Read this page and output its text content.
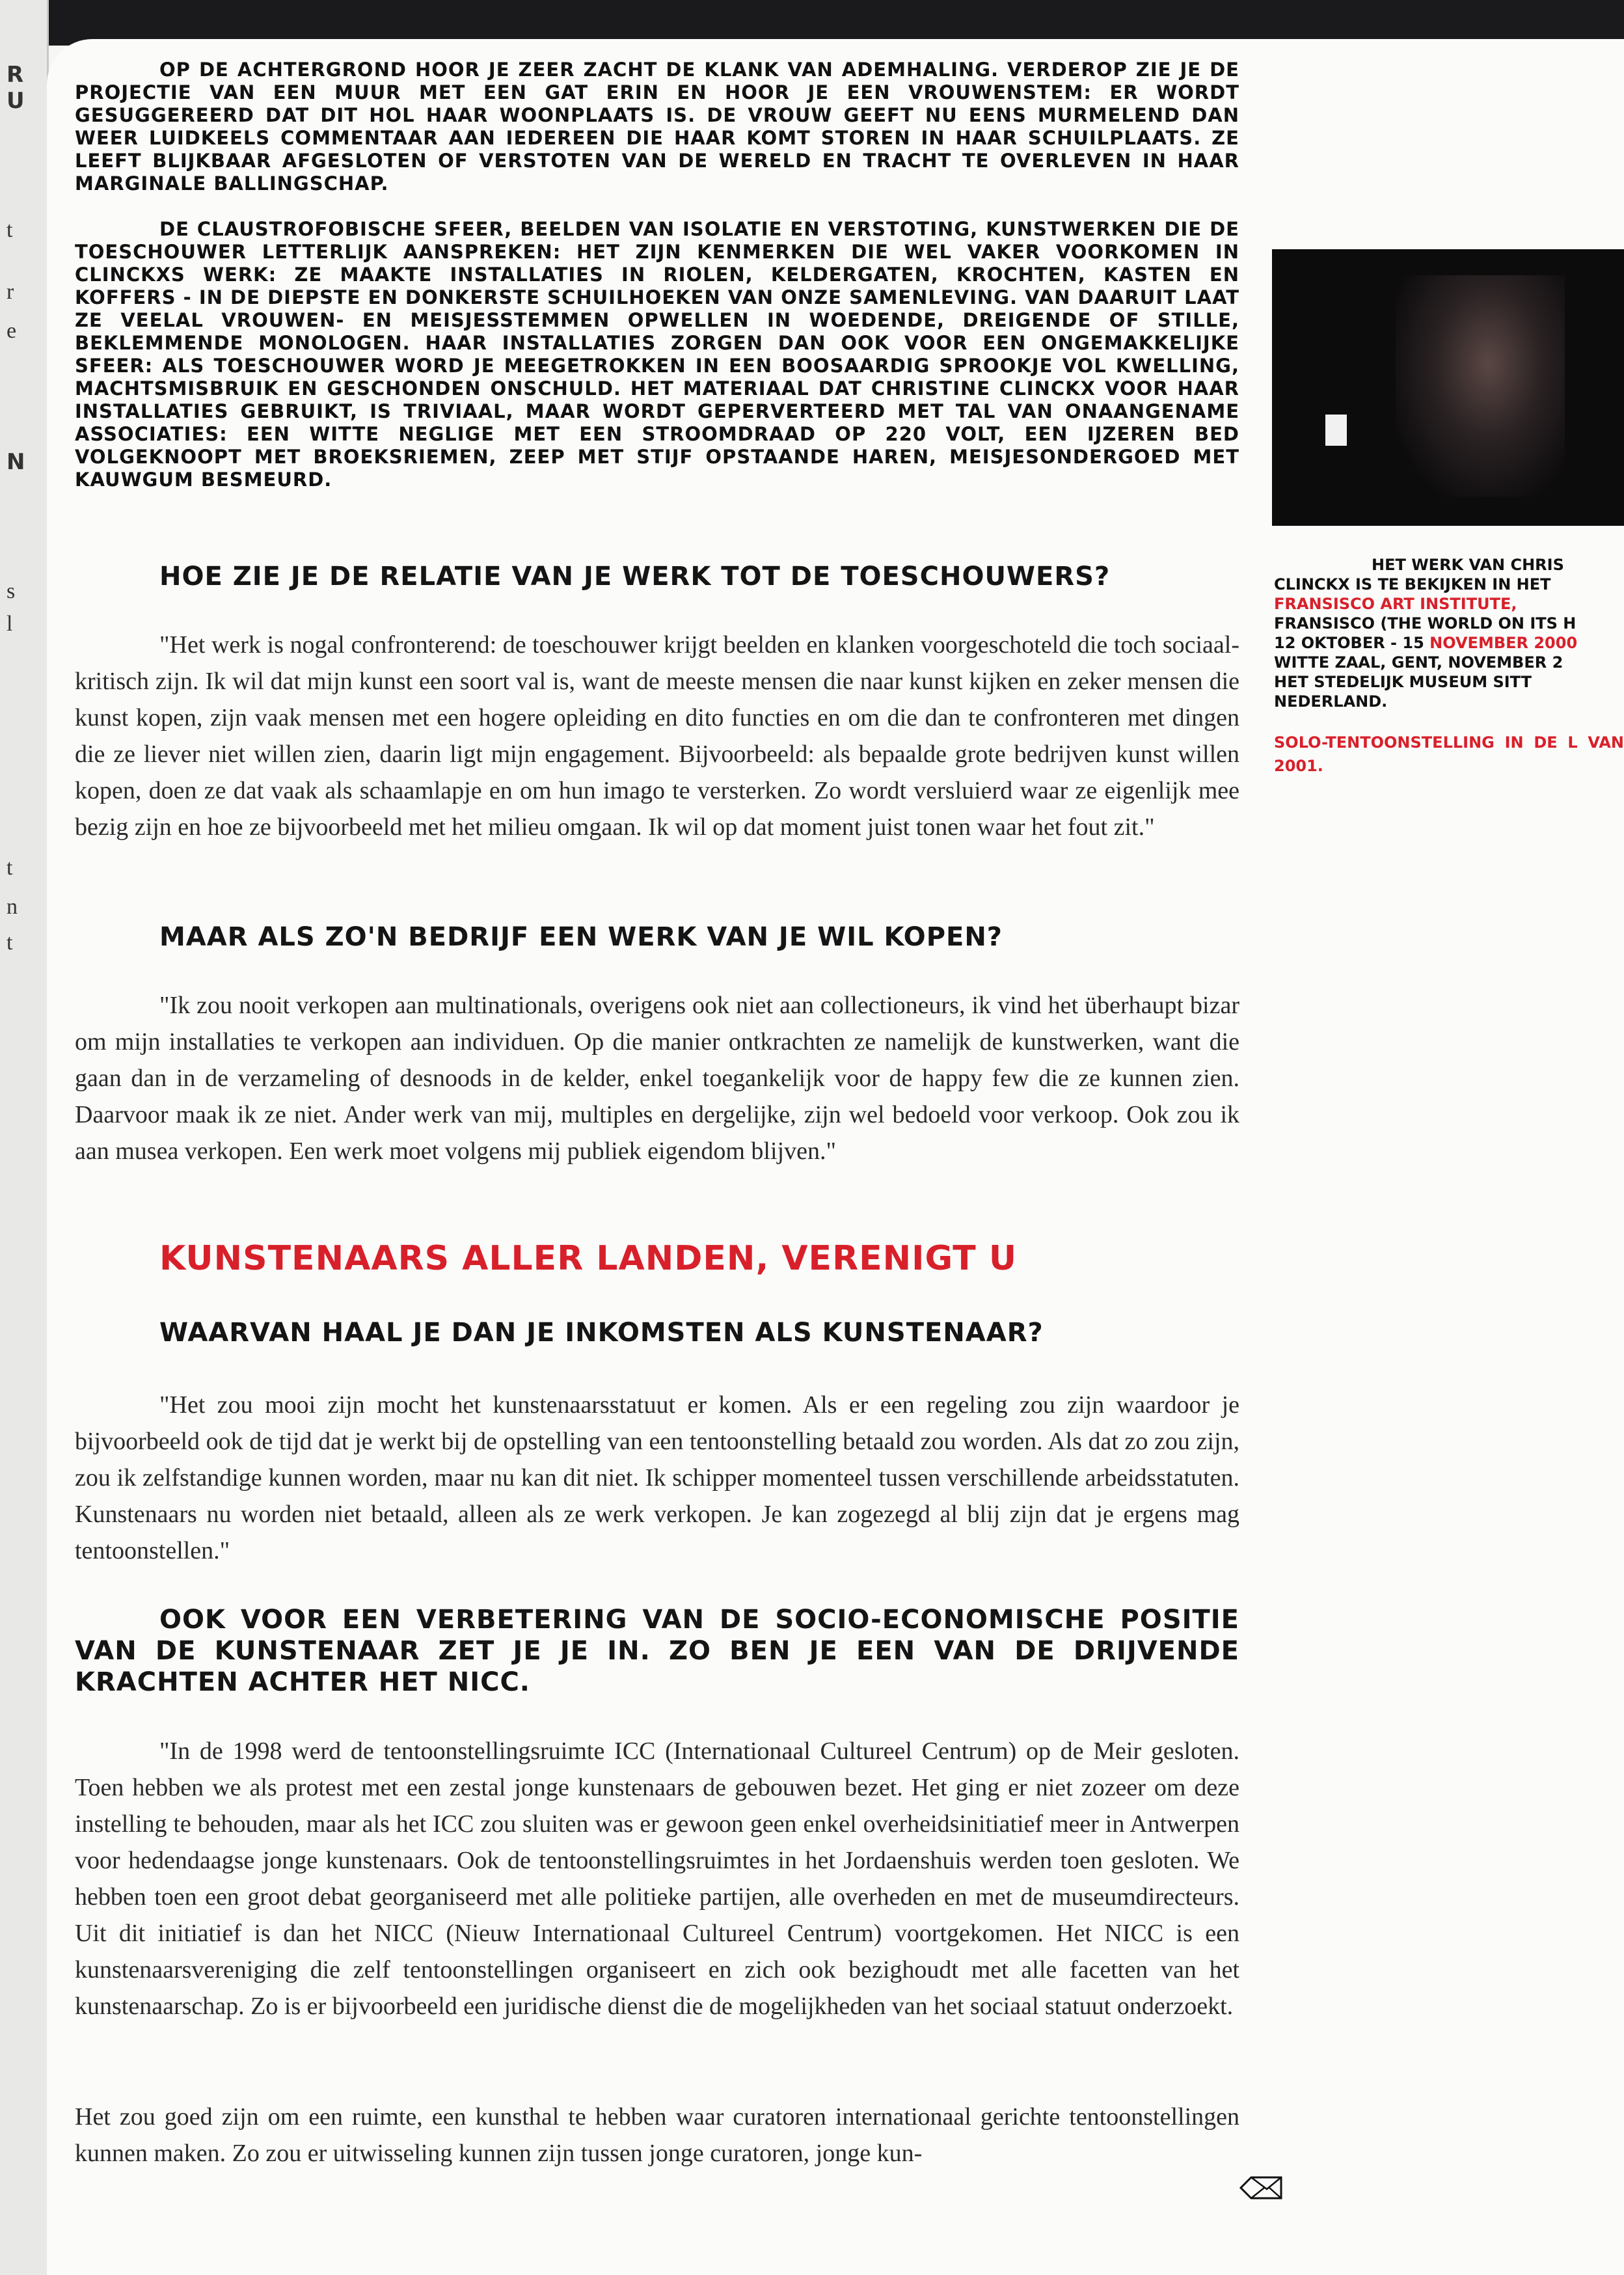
R
U
t
r
e
N
s
l
t
n
t

OP DE ACHTERGROND HOOR JE ZEER ZACHT DE KLANK VAN ADEMHALING. VERDEROP ZIE JE DE PROJECTIE VAN EEN MUUR MET EEN GAT ERIN EN HOOR JE EEN VROUWENSTEM: ER WORDT GESUGGEREERD DAT DIT HOL HAAR WOONPLAATS IS. DE VROUW GEEFT NU EENS MURMELEND DAN WEER LUIDKEELS COMMENTAAR AAN IEDEREEN DIE HAAR KOMT STOREN IN HAAR SCHUILPLAATS. ZE LEEFT BLIJKBAAR AFGESLOTEN OF VERSTOTEN VAN DE WERELD EN TRACHT TE OVERLEVEN IN HAAR MARGINALE BALLINGSCHAP.

DE CLAUSTROFOBISCHE SFEER, BEELDEN VAN ISOLATIE EN VERSTOTING, KUNSTWERKEN DIE DE TOESCHOUWER LETTERLIJK AANSPREKEN: HET ZIJN KENMERKEN DIE WEL VAKER VOORKOMEN IN CLINCKXS WERK: ZE MAAKTE INSTALLATIES IN RIOLEN, KELDERGATEN, KROCHTEN, KASTEN EN KOFFERS - IN DE DIEPSTE EN DONKERSTE SCHUILHOEKEN VAN ONZE SAMENLEVING. VAN DAARUIT LAAT ZE VEELAL VROUWEN- EN MEISJESSTEMMEN OPWELLEN IN WOEDENDE, DREIGENDE OF STILLE, BEKLEMMENDE MONOLOGEN. HAAR INSTALLATIES ZORGEN DAN OOK VOOR EEN ONGEMAKKELIJKE SFEER: ALS TOESCHOUWER WORD JE MEEGETROKKEN IN EEN BOOSAARDIG SPROOKJE VOL KWELLING, MACHTSMISBRUIK EN GESCHONDEN ONSCHULD. HET MATERIAAL DAT CHRISTINE CLINCKX VOOR HAAR INSTALLATIES GEBRUIKT, IS TRIVIAAL, MAAR WORDT GEPERVERTEERD MET TAL VAN ONAANGENAME ASSOCIATIES: EEN WITTE NEGLIGE MET EEN STROOMDRAAD OP 220 VOLT, EEN IJZEREN BED VOLGEKNOOPT MET BROEKSRIEMEN, ZEEP MET STIJF OPSTAANDE HAREN, MEISJESONDERGOED MET KAUWGUM BESMEURD.

HOE ZIE JE DE RELATIE VAN JE WERK TOT DE TOESCHOUWERS?

"Het werk is nogal confronterend: de toeschouwer krijgt beelden en klanken voorgeschoteld die toch sociaal-kritisch zijn. Ik wil dat mijn kunst een soort val is, want de meeste mensen die naar kunst kijken en zeker mensen die kunst kopen, zijn vaak mensen met een hogere opleiding en dito functies en om die dan te confronteren met dingen die ze liever niet willen zien, daarin ligt mijn engagement. Bijvoorbeeld: als bepaalde grote bedrijven kunst willen kopen, doen ze dat vaak als schaamlapje en om hun imago te versterken. Zo wordt versluierd waar ze eigenlijk mee bezig zijn en hoe ze bijvoorbeeld met het milieu omgaan. Ik wil op dat moment juist tonen waar het fout zit."

MAAR ALS ZO'N BEDRIJF EEN WERK VAN JE WIL KOPEN?

"Ik zou nooit verkopen aan multinationals, overigens ook niet aan collectioneurs, ik vind het überhaupt bizar om mijn installaties te verkopen aan individuen. Op die manier ontkrachten ze namelijk de kunstwerken, want die gaan dan in de verzameling of desnoods in de kelder, enkel toegankelijk voor de happy few die ze kunnen zien. Daarvoor maak ik ze niet. Ander werk van mij, multiples en dergelijke, zijn wel bedoeld voor verkoop. Ook zou ik aan musea verkopen. Een werk moet volgens mij publiek eigendom blijven."

KUNSTENAARS ALLER LANDEN, VERENIGT U
WAARVAN HAAL JE DAN JE INKOMSTEN ALS KUNSTENAAR?

"Het zou mooi zijn mocht het kunstenaarsstatuut er komen. Als er een regeling zou zijn waardoor je bijvoorbeeld ook de tijd dat je werkt bij de opstelling van een tentoonstelling betaald zou worden. Als dat zo zou zijn, zou ik zelfstandige kunnen worden, maar nu kan dit niet. Ik schipper momenteel tussen verschillende arbeidsstatuten. Kunstenaars nu worden niet betaald, alleen als ze werk verkopen. Je kan zogezegd al blij zijn dat je ergens mag tentoonstellen."

OOK VOOR EEN VERBETERING VAN DE SOCIO-ECONOMISCHE POSITIE VAN DE KUNSTENAAR ZET JE JE IN. ZO BEN JE EEN VAN DE DRIJVENDE KRACHTEN ACHTER HET NICC.

"In de 1998 werd de tentoonstellingsruimte ICC (Internationaal Cultureel Centrum) op de Meir gesloten. Toen hebben we als protest met een zestal jonge kunstenaars de gebouwen bezet. Het ging er niet zozeer om deze instelling te behouden, maar als het ICC zou sluiten was er gewoon geen enkel overheidsinitiatief meer in Antwerpen voor hedendaagse jonge kunstenaars. Ook de tentoonstellingsruimtes in het Jordaenshuis werden toen gesloten. We hebben toen een groot debat georganiseerd met alle politieke partijen, alle overheden en met de museumdirecteurs. Uit dit initiatief is dan het NICC (Nieuw Internationaal Cultureel Centrum) voortgekomen. Het NICC is een kunstenaarsvereniging die zelf tentoonstellingen organiseert en zich ook bezighoudt met alle facetten van het kunstenaarschap. Zo is er bijvoorbeeld een juridische dienst die de mogelijkheden van het sociaal statuut onderzoekt.

Het zou goed zijn om een ruimte, een kunsthal te hebben waar curatoren internationaal gerichte tentoonstellingen kunnen maken. Zo zou er uitwisseling kunnen zijn tussen jonge curatoren, jonge kun-

HET WERK VAN CHRIS

CLINCKX IS TE BEKIJKEN IN HET

FRANSISCO ART INSTITUTE,

FRANSISCO (THE WORLD ON ITS H

12 OKTOBER - 15 NOVEMBER 2000

WITTE ZAAL, GENT, NOVEMBER 2

HET STEDELIJK MUSEUM SITT

NEDERLAND.

SOLO-TENTOONSTELLING IN DE L VAN 2001.
